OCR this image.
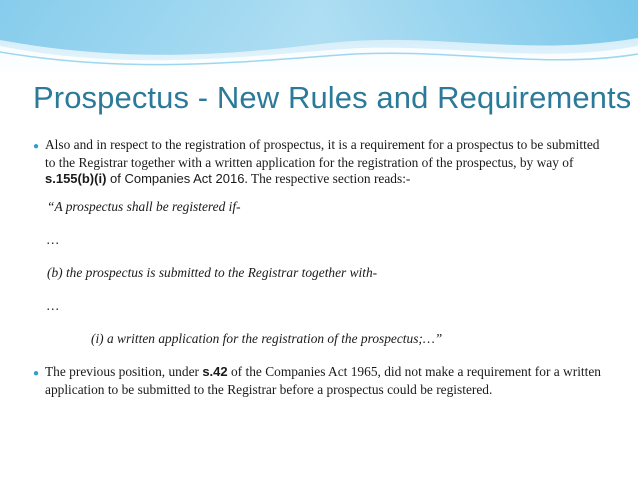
Prospectus - New Rules and Requirements
● Also and in respect to the registration of prospectus, it is a requirement for a prospectus to be submitted to the Registrar together with a written application for the registration of the prospectus, by way of s.155(b)(i) of Companies Act 2016. The respective section reads:-
“A prospectus shall be registered if-
…
(b) the prospectus is submitted to the Registrar together with-
…
(i) a written application for the registration of the prospectus;…”
● The previous position, under s.42 of the Companies Act 1965, did not make a requirement for a written application to be submitted to the Registrar before a prospectus could be registered.
